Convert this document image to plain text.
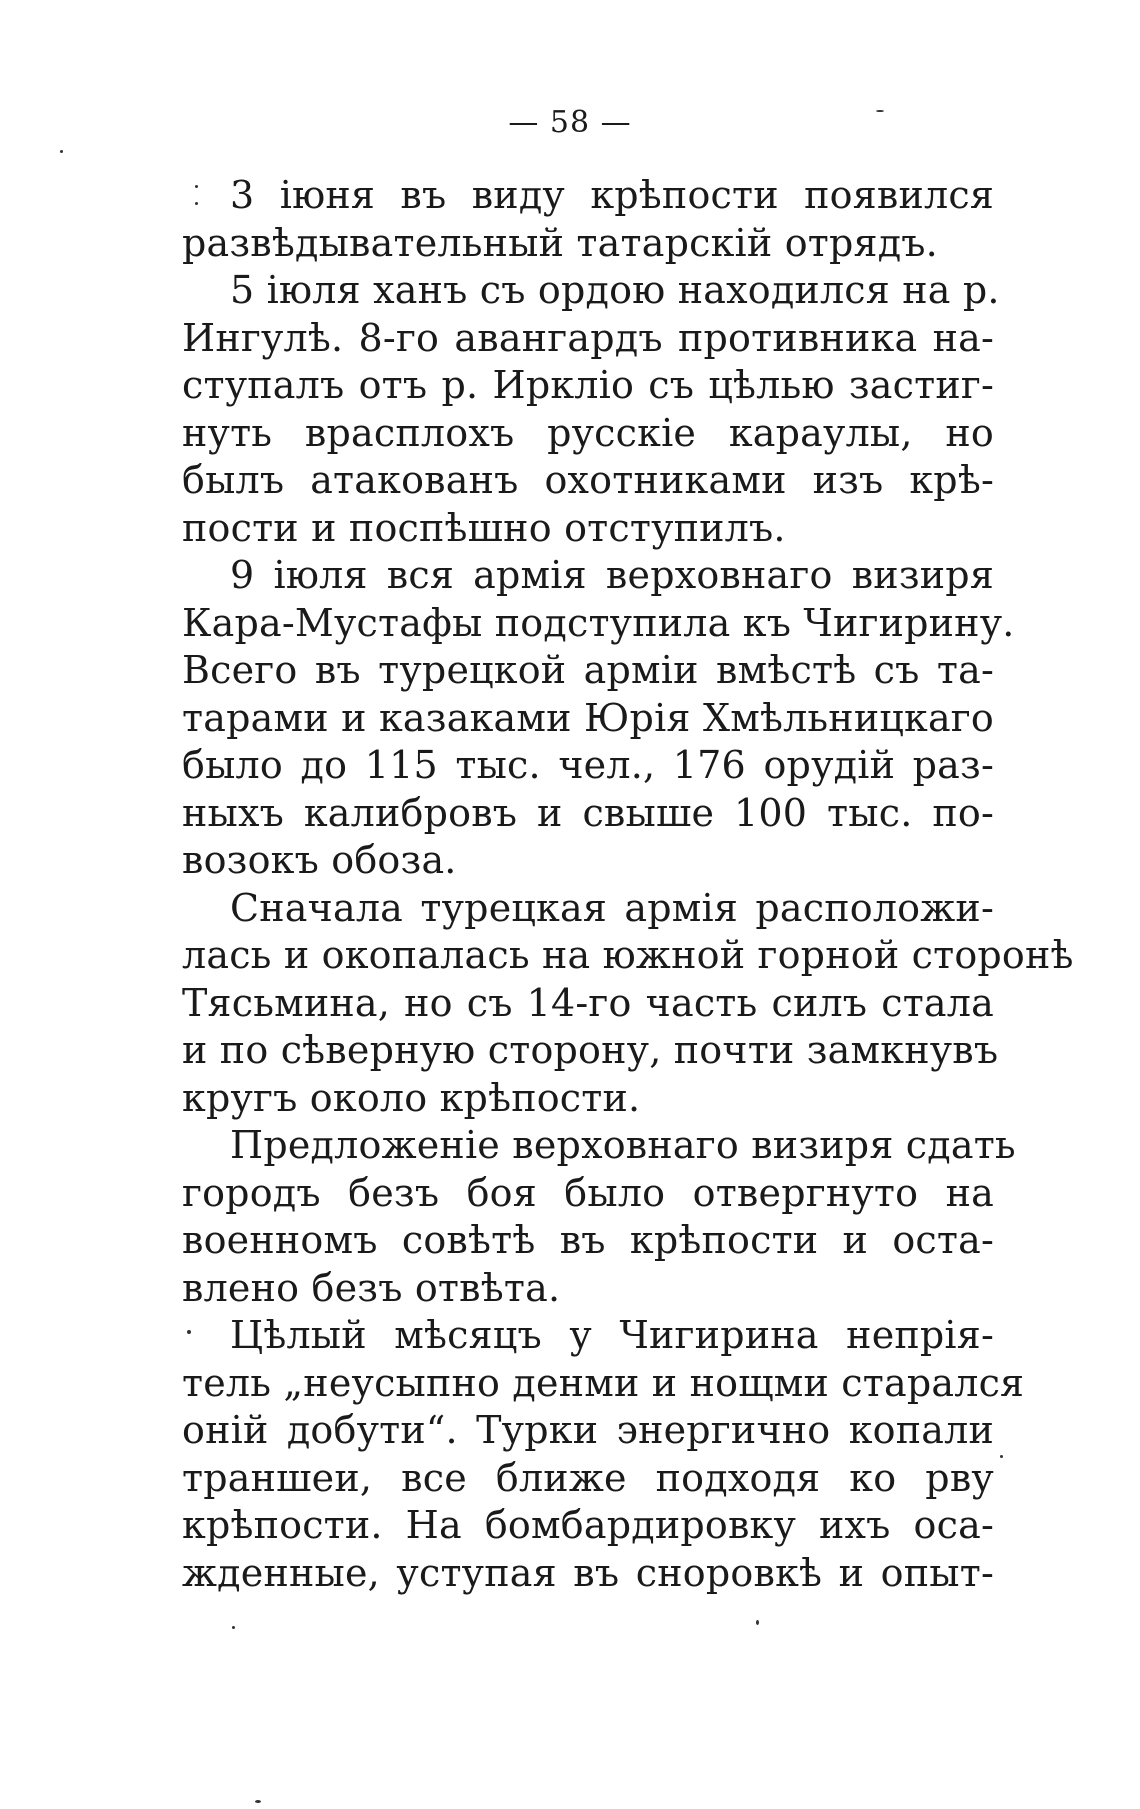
— 58 —
3 іюня въ виду крѣпости появился
развѣдывательный татарскій отрядъ.
5 іюля ханъ съ ордою находился на р.
Ингулѣ. 8-го авангардъ противника на-
ступалъ отъ р. Ирклiо съ цѣлью застиг-
нуть врасплохъ русскіе караулы, но
былъ атакованъ охотниками изъ крѣ-
пости и поспѣшно отступилъ.
9 іюля вся армія верховнаго визиря
Кара-Мустафы подступила къ Чигирину.
Всего въ турецкой арміи вмѣстѣ съ та-
тарами и казаками Юрія Хмѣльницкаго
было до 115 тыс. чел., 176 орудій раз-
ныхъ калибровъ и свыше 100 тыс. по-
возокъ обоза.
Сначала турецкая армія расположи-
лась и окопалась на южной горной сторонѣ
Тясьмина, но съ 14-го часть силъ стала
и по сѣверную сторону, почти замкнувъ
кругъ около крѣпости.
Предложеніе верховнаго визиря сдать
городъ безъ боя было отвергнуто на
военномъ совѣтѣ въ крѣпости и оста-
влено безъ отвѣта.
Цѣлый мѣсяцъ у Чигирина непрія-
тель „неусыпно денми и нощми старался
оній добути“. Турки энергично копали
траншеи, все ближе подходя ко рву
крѣпости. На бомбардировку ихъ оса-
жденные, уступая въ сноровкѣ и опыт-
